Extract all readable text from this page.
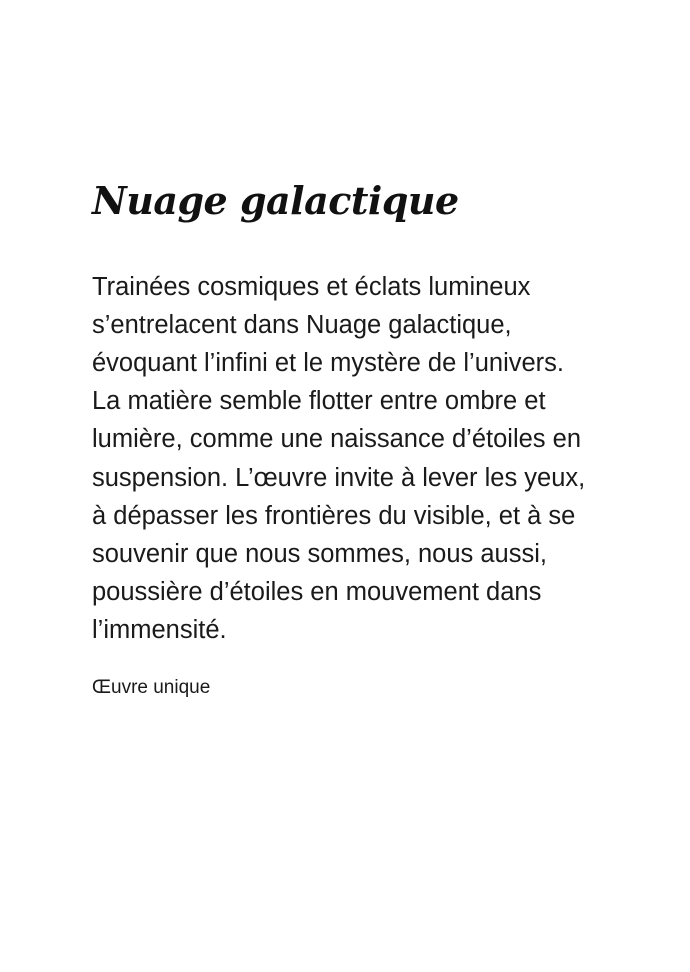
Nuage galactique

Trainées cosmiques et éclats lumineux s’entrelacent dans Nuage galactique, évoquant l’infini et le mystère de l’univers. La matière semble flotter entre ombre et lumière, comme une naissance d’étoiles en suspension. L’œuvre invite à lever les yeux, à dépasser les frontières du visible, et à se souvenir que nous sommes, nous aussi, poussière d’étoiles en mouvement dans l’immensité.

Œuvre unique
